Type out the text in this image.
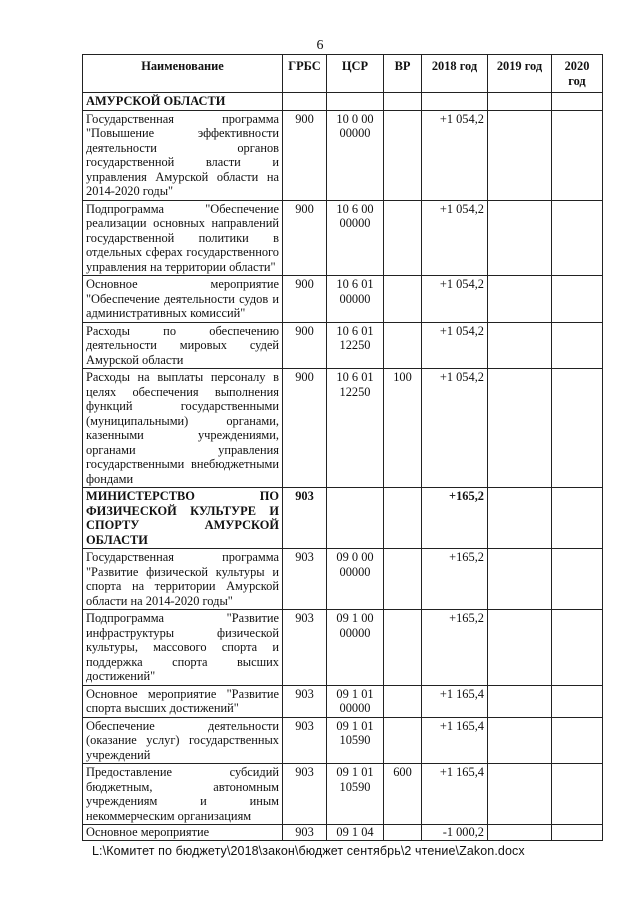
6
Наименование	ГРБС	ЦСР	ВР	2018 год	2019 год	2020 год
АМУРСКОЙ ОБЛАСТИ						
Государственная программа "Повышение эффективности деятельности органов государственной власти и управления Амурской области на 2014-2020 годы"	900	10 0 00 00000		+1 054,2		
Подпрограмма "Обеспечение реализации основных направлений государственной политики в отдельных сферах государственного управления на территории области"	900	10 6 00 00000		+1 054,2		
Основное мероприятие "Обеспечение деятельности судов и административных комиссий"	900	10 6 01 00000		+1 054,2		
Расходы по обеспечению деятельности мировых судей Амурской области	900	10 6 01 12250		+1 054,2		
Расходы на выплаты персоналу в целях обеспечения выполнения функций государственными (муниципальными) органами, казенными учреждениями, органами управления государственными внебюджетными фондами	900	10 6 01 12250	100	+1 054,2		
МИНИСТЕРСТВО ПО ФИЗИЧЕСКОЙ КУЛЬТУРЕ И СПОРТУ АМУРСКОЙ ОБЛАСТИ	903			+165,2		
Государственная программа "Развитие физической культуры и спорта на территории Амурской области на 2014-2020 годы"	903	09 0 00 00000		+165,2		
Подпрограмма "Развитие инфраструктуры физической культуры, массового спорта и поддержка спорта высших достижений"	903	09 1 00 00000		+165,2		
Основное мероприятие "Развитие спорта высших достижений"	903	09 1 01 00000		+1 165,4		
Обеспечение деятельности (оказание услуг) государственных учреждений	903	09 1 01 10590		+1 165,4		
Предоставление субсидий бюджетным, автономным учреждениям и иным некоммерческим организациям	903	09 1 01 10590	600	+1 165,4		
Основное мероприятие	903	09 1 04		-1 000,2		
L:\Комитет по бюджету\2018\закон\бюджет сентябрь\2 чтение\Zakon.docx
